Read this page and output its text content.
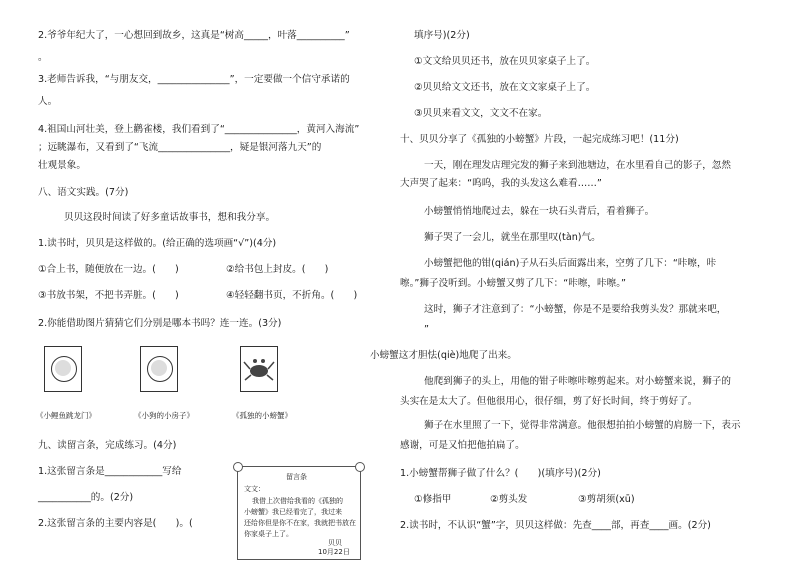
2.爷爷年纪大了，一心想回到故乡，这真是“树高_____，叶落__________”
。
3.老师告诉我，“与朋友交，_______________”，一定要做一个信守承诺的
人。
4.祖国山河壮美，登上鹳雀楼，我们看到了“_______________，黄河入海流”
；远眺瀑布，又看到了“飞流_______________，疑是银河落九天”的
壮观景象。
八、语文实践。(7分)
贝贝这段时间读了好多童话故事书，想和我分享。
1.读书时，贝贝是这样做的。(给正确的选项画“√”)(4分)
①合上书，随便放在一边。(　　)	②给书包上封皮。(　　)
③书放书架，不把书弄脏。(　　)	④轻轻翻书页，不折角。(　　)
2.你能借助图片猜猜它们分别是哪本书吗？连一连。(3分)
《小鲤鱼跳龙门》	《小狗的小房子》	《孤独的小螃蟹》
九、读留言条，完成练习。(4分)
1.这张留言条是____________写给
___________的。(2分)
2.这张留言条的主要内容是(　　)。(
留言条
文文：
我借上次借给我看的《孤独的
小螃蟹》我已经看完了，我过来
还给你但是你不在家，我就把书放在
你家桌子上了。
贝贝
10月22日
填序号)(2分)
①文文给贝贝还书，放在贝贝家桌子上了。
②贝贝给文文还书，放在文文家桌子上了。
③贝贝来看文文，文文不在家。
十、贝贝分享了《孤独的小螃蟹》片段，一起完成练习吧！(11分)
一天，刚在理发店理完发的狮子来到池塘边，在水里看自己的影子，忽然
大声哭了起来：“呜呜，我的头发这么难看……”
小螃蟹悄悄地爬过去，躲在一块石头背后，看着狮子。
狮子哭了一会儿，就坐在那里叹(tàn)气。
小螃蟹把他的钳(qián)子从石头后面露出来，空剪了几下：“咔嚓，咔
嚓。”狮子没听到。小螃蟹又剪了几下：“咔嚓，咔嚓。”
这时，狮子才注意到了：“小螃蟹，你是不是要给我剪头发？那就来吧，
”
小螃蟹这才胆怯(qiè)地爬了出来。
他爬到狮子的头上，用他的钳子咔嚓咔嚓剪起来。对小螃蟹来说，狮子的
头实在是太大了。但他很用心，很仔细，剪了好长时间，终于剪好了。
狮子在水里照了一下，觉得非常满意。他很想拍拍小螃蟹的肩膀一下，表示
感谢，可是又怕把他拍扁了。
1.小螃蟹帮狮子做了什么？(　　)(填序号)(2分)
①修指甲	②剪头发	③剪胡须(xū)
2.读书时，不认识“蟹”字，贝贝这样做：先查____部，再查____画。(2分)
